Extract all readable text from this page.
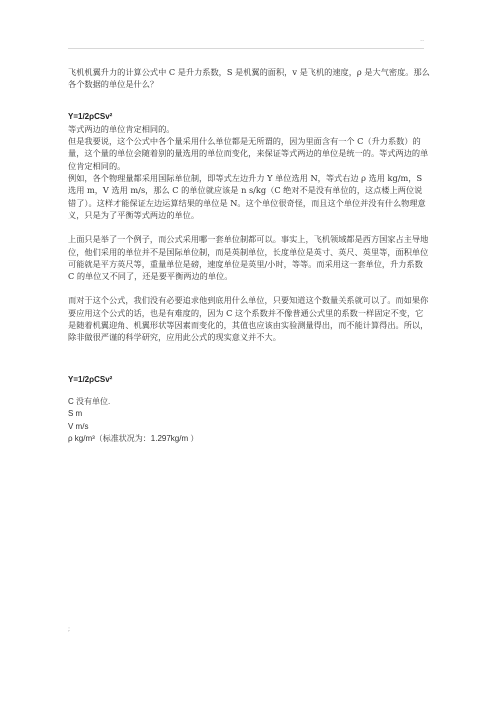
..

飞机机翼升力的计算公式中 C 是升力系数，S 是机翼的面积，v 是飞机的速度，ρ 是大气密度。那么各个数据的单位是什么？

Y=1/2ρCSv²

等式两边的单位肯定相同的。

但是我要说，这个公式中各个量采用什么单位都是无所谓的，因为里面含有一个 C（升力系数）的量，这个量的单位会随着别的量选用的单位而变化，来保证等式两边的单位是统一的。等式两边的单位肯定相同的。

例如，各个物理量都采用国际单位制，即等式左边升力 Y 单位选用 N，等式右边 ρ 选用 kg/m，S 选用 m，V 选用 m/s，那么 C 的单位就应该是 n s/kg（C 绝对不是没有单位的，这点楼上两位说错了）。这样才能保证左边运算结果的单位是 N。这个单位很奇怪，而且这个单位并没有什么物理意义，只是为了平衡等式两边的单位。

上面只是举了一个例子，而公式采用哪一套单位制都可以。事实上，飞机领域都是西方国家占主导地位，他们采用的单位并不是国际单位制，而是英制单位，长度单位是英寸、英尺、英里等，面积单位可能就是平方英尺等，重量单位是磅，速度单位是英里/小时，等等。而采用这一套单位，升力系数 C 的单位又不同了，还是要平衡两边的单位。

而对于这个公式，我们没有必要追求他到底用什么单位，只要知道这个数量关系就可以了。而如果你要应用这个公式的话，也是有难度的，因为 C 这个系数并不像普通公式里的系数一样固定不变，它是随着机翼迎角、机翼形状等因素而变化的，其值也应该由实验测量得出，而不能计算得出。所以，除非做很严谨的科学研究，应用此公式的现实意义并不大。

Y=1/2ρCSv²

C 没有单位.

S m

V m/s

ρ kg/m³（标准状况为：1.297kg/m ）

;
